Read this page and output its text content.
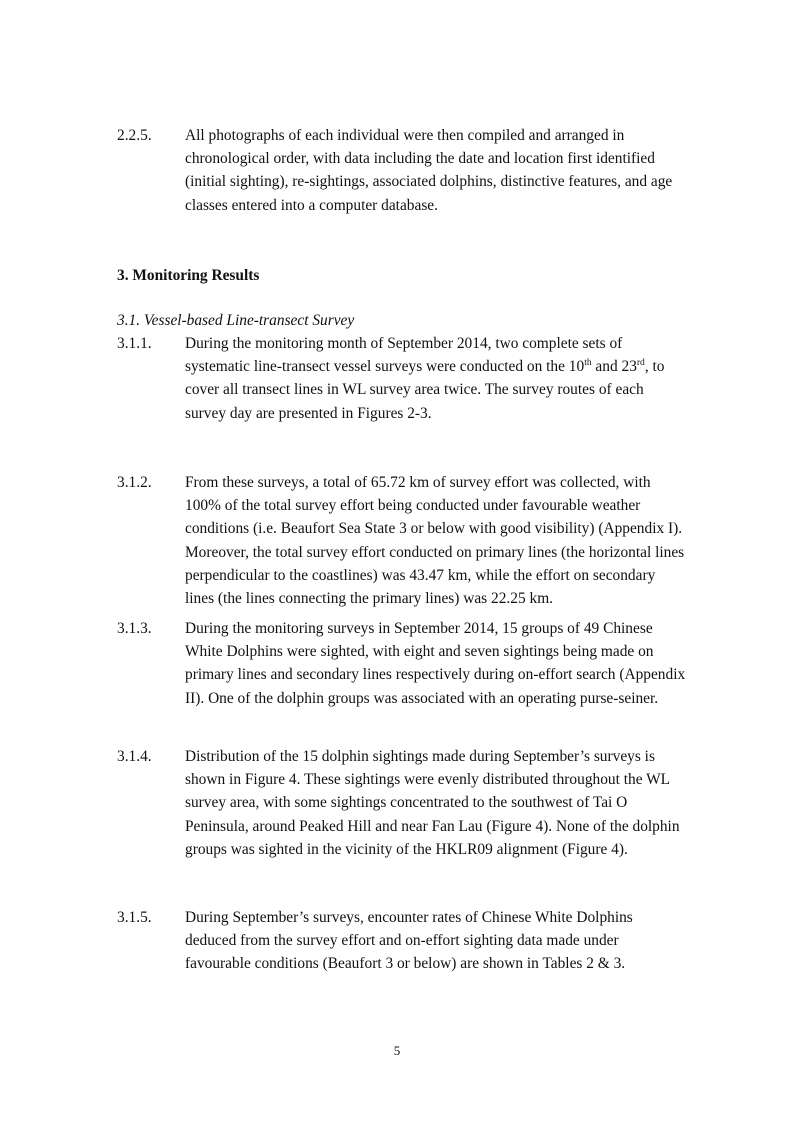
2.2.5.	All photographs of each individual were then compiled and arranged in chronological order, with data including the date and location first identified (initial sighting), re-sightings, associated dolphins, distinctive features, and age classes entered into a computer database.
3. Monitoring Results
3.1. Vessel-based Line-transect Survey
3.1.1.	During the monitoring month of September 2014, two complete sets of systematic line-transect vessel surveys were conducted on the 10th and 23rd, to cover all transect lines in WL survey area twice. The survey routes of each survey day are presented in Figures 2-3.
3.1.2.	From these surveys, a total of 65.72 km of survey effort was collected, with 100% of the total survey effort being conducted under favourable weather conditions (i.e. Beaufort Sea State 3 or below with good visibility) (Appendix I). Moreover, the total survey effort conducted on primary lines (the horizontal lines perpendicular to the coastlines) was 43.47 km, while the effort on secondary lines (the lines connecting the primary lines) was 22.25 km.
3.1.3.	During the monitoring surveys in September 2014, 15 groups of 49 Chinese White Dolphins were sighted, with eight and seven sightings being made on primary lines and secondary lines respectively during on-effort search (Appendix II). One of the dolphin groups was associated with an operating purse-seiner.
3.1.4.	Distribution of the 15 dolphin sightings made during September’s surveys is shown in Figure 4. These sightings were evenly distributed throughout the WL survey area, with some sightings concentrated to the southwest of Tai O Peninsula, around Peaked Hill and near Fan Lau (Figure 4). None of the dolphin groups was sighted in the vicinity of the HKLR09 alignment (Figure 4).
3.1.5.	During September’s surveys, encounter rates of Chinese White Dolphins deduced from the survey effort and on-effort sighting data made under favourable conditions (Beaufort 3 or below) are shown in Tables 2 & 3.
5
